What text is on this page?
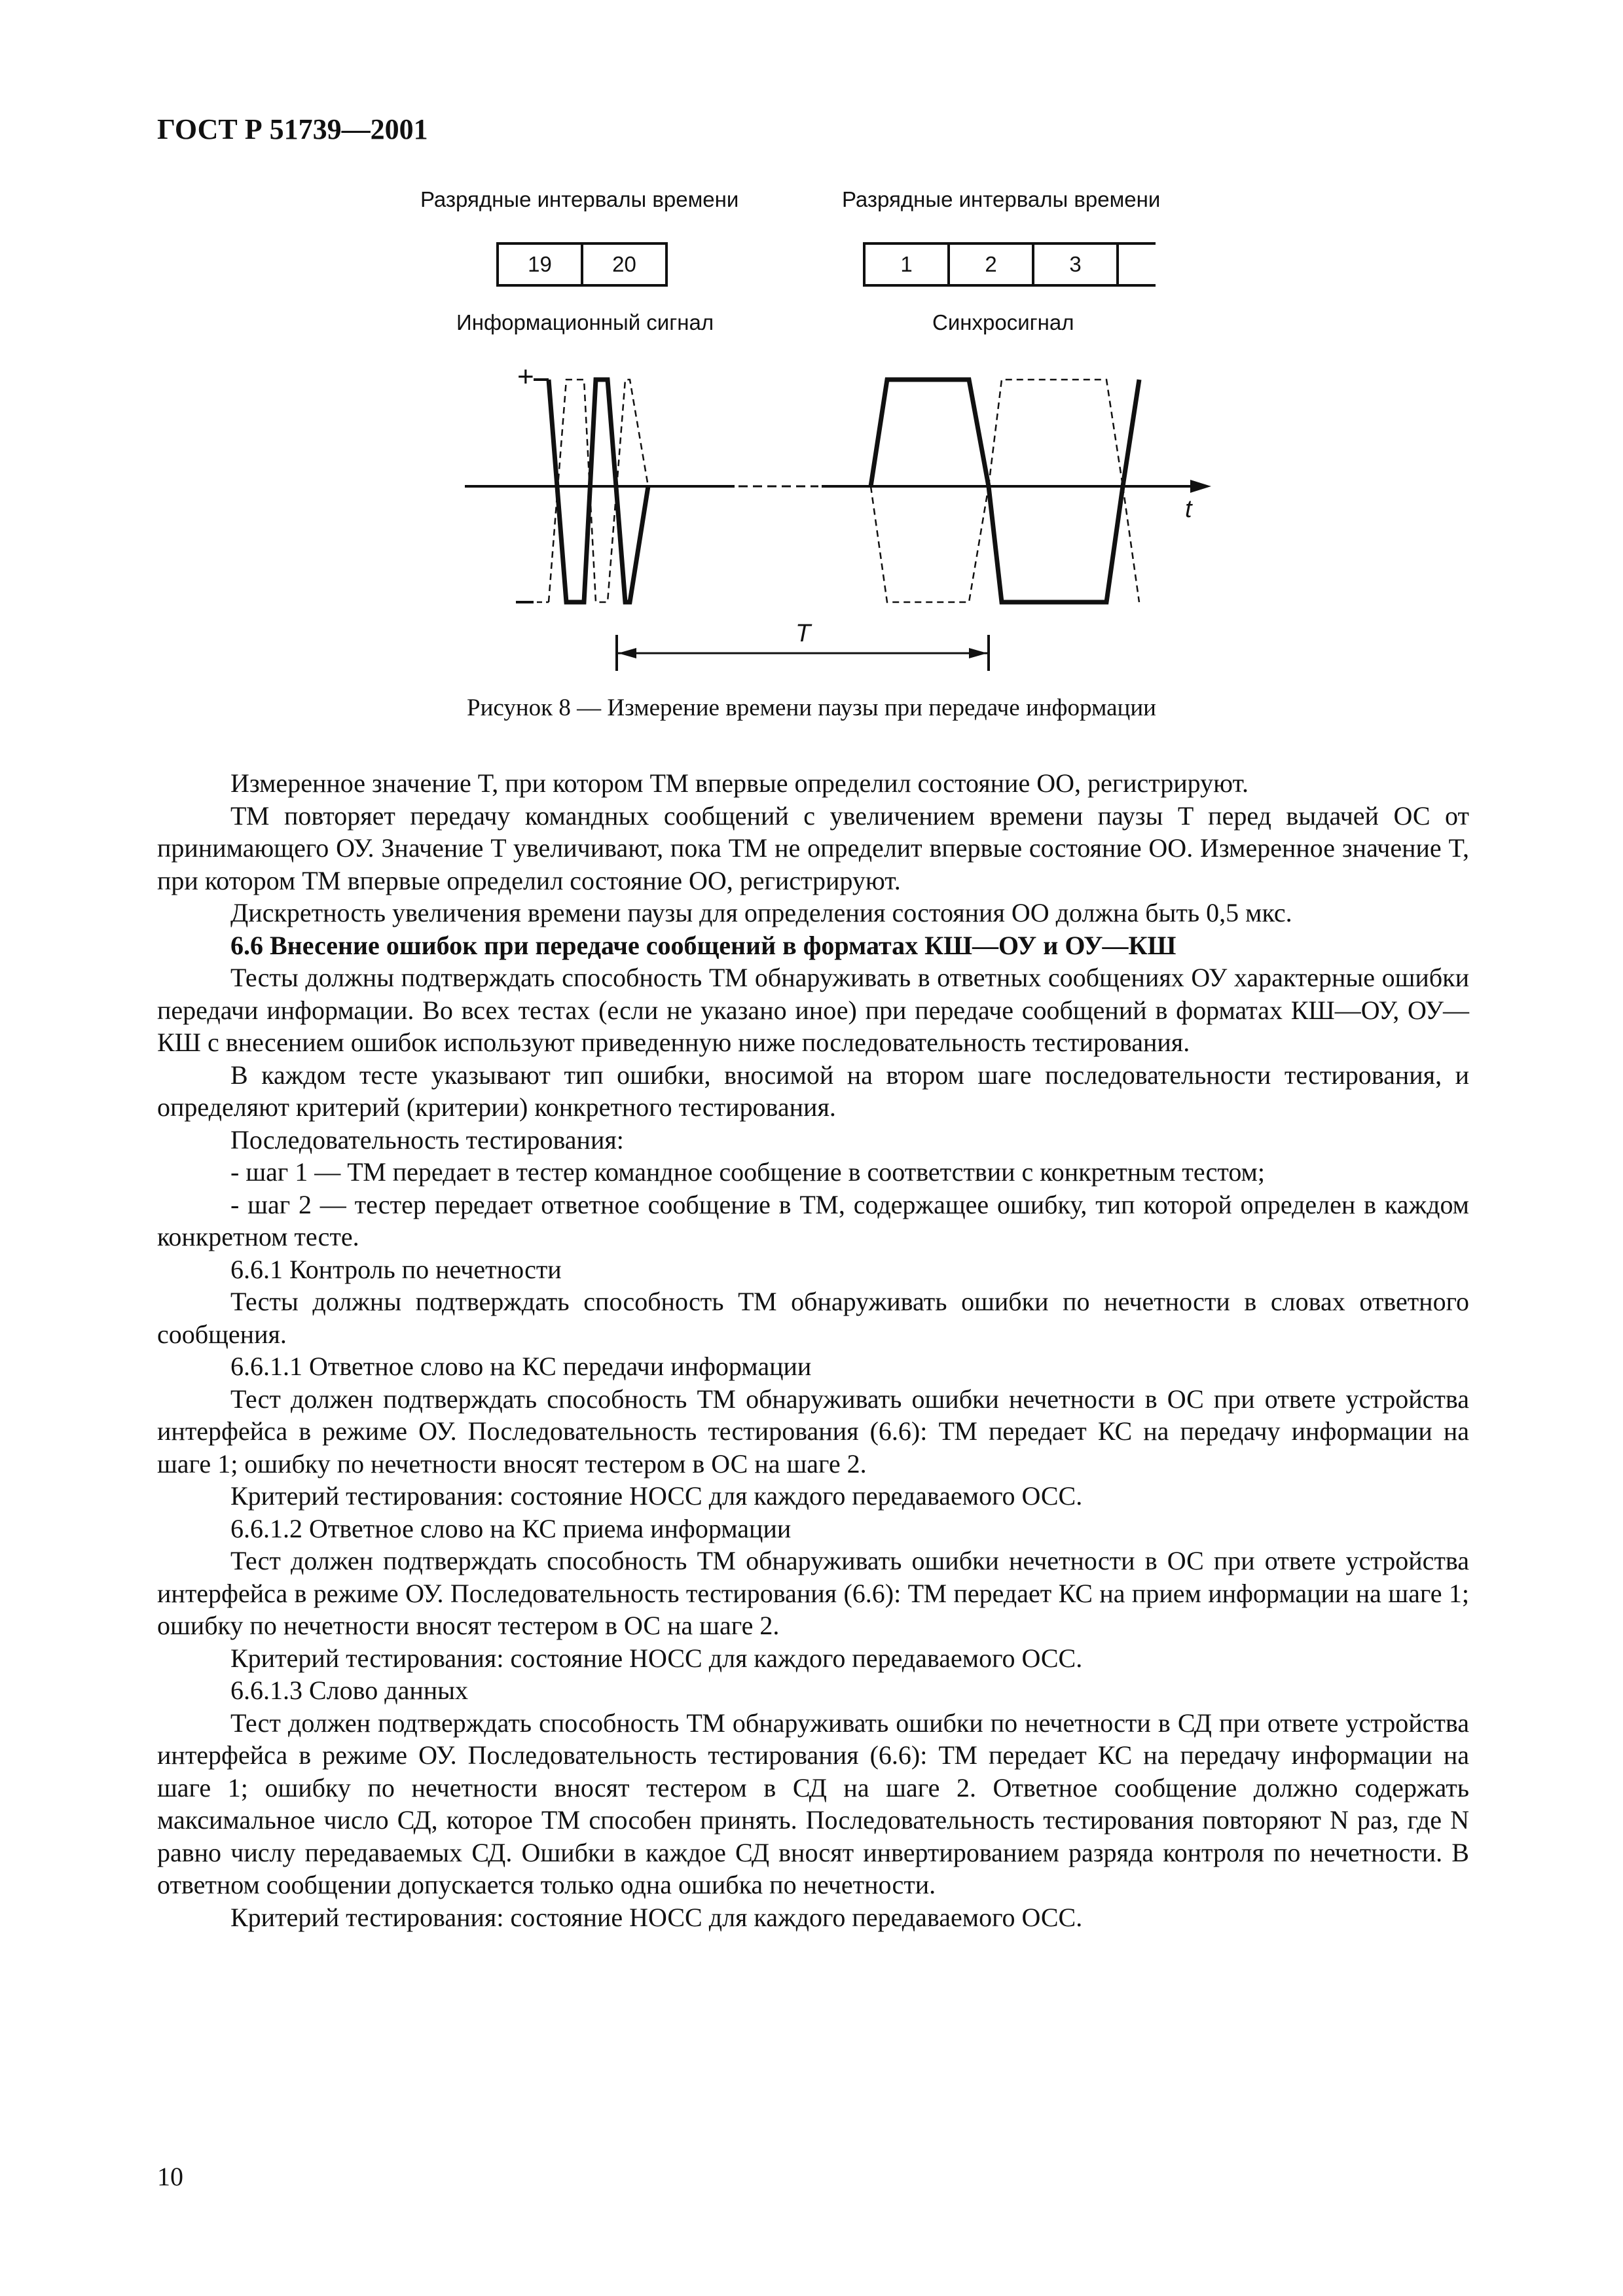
ГОСТ Р 51739—2001
Разрядные интервалы времени	Разрядные интервалы времени
19	20	1	2	3
Информационный сигнал	Синхросигнал
+
t
T
Рисунок 8 — Измерение времени паузы при передаче информации

Измеренное значение T, при котором ТМ впервые определил состояние ОО, регистрируют.

ТМ повторяет передачу командных сообщений с увеличением времени паузы T перед выдачей ОС от принимающего ОУ. Значение T увеличивают, пока ТМ не определит впервые состояние ОО. Измеренное значение T, при котором ТМ впервые определил состояние ОО, регистрируют.

Дискретность увеличения времени паузы для определения состояния ОО должна быть 0,5 мкс.

6.6 Внесение ошибок при передаче сообщений в форматах КШ—ОУ и ОУ—КШ

Тесты должны подтверждать способность ТМ обнаруживать в ответных сообщениях ОУ характерные ошибки передачи информации. Во всех тестах (если не указано иное) при передаче сообщений в форматах КШ—ОУ, ОУ—КШ с внесением ошибок используют приведенную ниже последовательность тестирования.

В каждом тесте указывают тип ошибки, вносимой на втором шаге последовательности тестирования, и определяют критерий (критерии) конкретного тестирования.

Последовательность тестирования:

- шаг 1 — ТМ передает в тестер командное сообщение в соответствии с конкретным тестом;

- шаг 2 — тестер передает ответное сообщение в ТМ, содержащее ошибку, тип которой определен в каждом конкретном тесте.

6.6.1 Контроль по нечетности

Тесты должны подтверждать способность ТМ обнаруживать ошибки по нечетности в словах ответного сообщения.

6.6.1.1 Ответное слово на КС передачи информации

Тест должен подтверждать способность ТМ обнаруживать ошибки нечетности в ОС при ответе устройства интерфейса в режиме ОУ. Последовательность тестирования (6.6): ТМ передает КС на передачу информации на шаге 1; ошибку по нечетности вносят тестером в ОС на шаге 2.

Критерий тестирования: состояние НОСС для каждого передаваемого ОСС.

6.6.1.2 Ответное слово на КС приема информации

Тест должен подтверждать способность ТМ обнаруживать ошибки нечетности в ОС при ответе устройства интерфейса в режиме ОУ. Последовательность тестирования (6.6): ТМ передает КС на прием информации на шаге 1; ошибку по нечетности вносят тестером в ОС на шаге 2.

Критерий тестирования: состояние НОСС для каждого передаваемого ОСС.

6.6.1.3 Слово данных

Тест должен подтверждать способность ТМ обнаруживать ошибки по нечетности в СД при ответе устройства интерфейса в режиме ОУ. Последовательность тестирования (6.6): ТМ передает КС на передачу информации на шаге 1; ошибку по нечетности вносят тестером в СД на шаге 2. Ответное сообщение должно содержать максимальное число СД, которое ТМ способен принять. Последовательность тестирования повторяют N раз, где N равно числу передаваемых СД. Ошибки в каждое СД вносят инвертированием разряда контроля по нечетности. В ответном сообщении допускается только одна ошибка по нечетности.

Критерий тестирования: состояние НОСС для каждого передаваемого ОСС.

10
